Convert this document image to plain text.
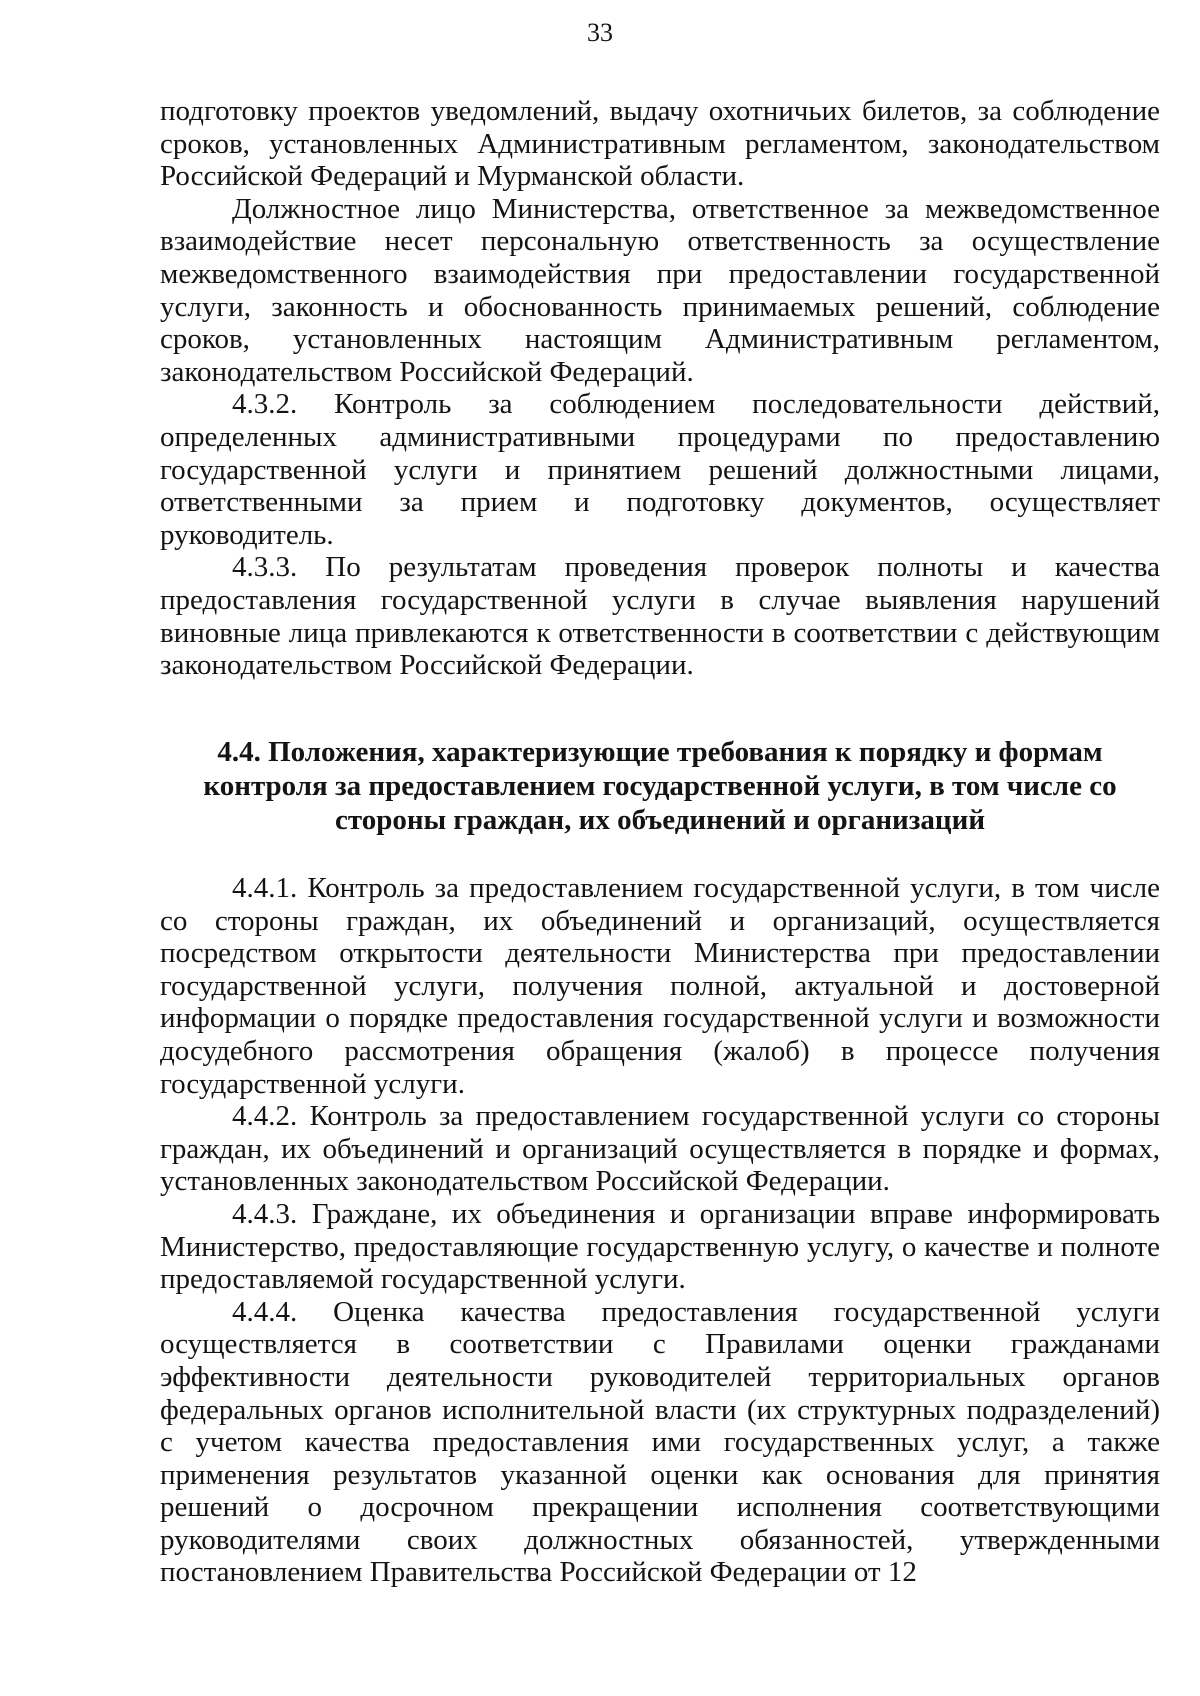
33

подготовку проектов уведомлений, выдачу охотничьих билетов, за соблюдение сроков, установленных Административным регламентом, законодательством Российской Федераций и Мурманской области.

Должностное лицо Министерства, ответственное за межведомственное взаимодействие несет персональную ответственность за осуществление межведомственного взаимодействия при предоставлении государственной услуги, законность и обоснованность принимаемых решений, соблюдение сроков, установленных настоящим Административным регламентом, законодательством Российской Федераций.

4.3.2. Контроль за соблюдением последовательности действий, определенных административными процедурами по предоставлению государственной услуги и принятием решений должностными лицами, ответственными за прием и подготовку документов, осуществляет руководитель.

4.3.3. По результатам проведения проверок полноты и качества предоставления государственной услуги в случае выявления нарушений виновные лица привлекаются к ответственности в соответствии с действующим законодательством Российской Федерации.

4.4. Положения, характеризующие требования к порядку и формам
контроля за предоставлением государственной услуги, в том числе со
стороны граждан, их объединений и организаций

4.4.1. Контроль за предоставлением государственной услуги, в том числе со стороны граждан, их объединений и организаций, осуществляется посредством открытости деятельности Министерства при предоставлении государственной услуги, получения полной, актуальной и достоверной информации о порядке предоставления государственной услуги и возможности досудебного рассмотрения обращения (жалоб) в процессе получения государственной услуги.

4.4.2. Контроль за предоставлением государственной услуги со стороны граждан, их объединений и организаций осуществляется в порядке и формах, установленных законодательством Российской Федерации.

4.4.3. Граждане, их объединения и организации вправе информировать Министерство, предоставляющие государственную услугу, о качестве и полноте предоставляемой государственной услуги.

4.4.4. Оценка качества предоставления государственной услуги осуществляется в соответствии с Правилами оценки гражданами эффективности деятельности руководителей территориальных органов федеральных органов исполнительной власти (их структурных подразделений) с учетом качества предоставления ими государственных услуг, а также применения результатов указанной оценки как основания для принятия решений о досрочном прекращении исполнения соответствующими руководителями своих должностных обязанностей, утвержденными постановлением Правительства Российской Федерации от 12
